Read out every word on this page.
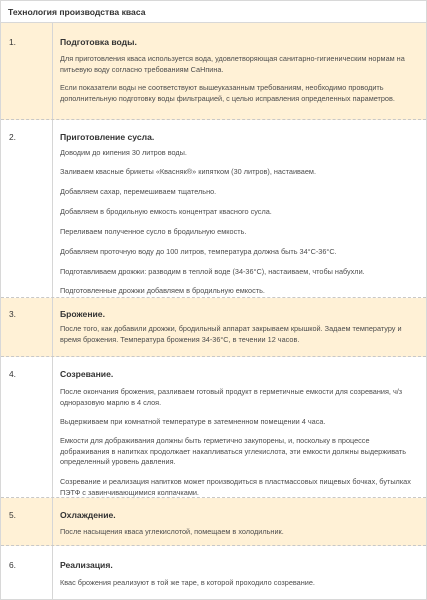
Технология производства кваса
1.	Подготовка воды.

Для приготовления кваса используется вода, удовлетворяющая санитарно-гигиеническим нормам на питьевую воду согласно требованиям СаНпина.

Если показатели воды не соответствуют вышеуказанным требованиям, необходимо проводить дополнительную подготовку воды фильтрацией, с целью исправления определенных параметров.

2.	Приготовление сусла.

Доводим до кипения 30 литров воды.

Заливаем квасные брикеты «Квасняк®» кипятком (30 литров), настаиваем.

Добавляем сахар, перемешиваем тщательно.

Добавляем в бродильную емкость концентрат квасного сусла.

Переливаем полученное сусло в бродильную емкость.

Добавляем проточную воду до 100 литров, температура должна быть 34°С-36°С.

Подготавливаем дрожжи: разводим в теплой воде (34-36°С), настаиваем, чтобы набухли.

Подготовленные дрожжи добавляем в бродильную емкость.

3.	Брожение.

После того, как добавили дрожжи, бродильный аппарат закрываем крышкой. Задаем температуру и время брожения. Температура брожения 34-36°С, в течении 12 часов.

4.	Созревание.

После окончания брожения, разливаем готовый продукт в герметичные емкости для созревания, ч/з одноразовую марлю в 4 слоя.

Выдерживаем при комнатной температуре в затемненном помещении 4 часа.

Емкости для дображивания должны быть герметично закупорены, и, поскольку в процессе дображивания в напитках продолжает накапливаться углекислота, эти емкости должны выдерживать определенный уровень давления.

Созревание и реализация напитков может производиться в пластмассовых пищевых бочках, бутылках ПЭТФ с завинчивающимися колпачками.

5.	Охлаждение.

После насыщения кваса углекислотой, помещаем в холодильник.

6.	Реализация.

Квас брожения реализуют в той же таре, в которой проходило созревание.
